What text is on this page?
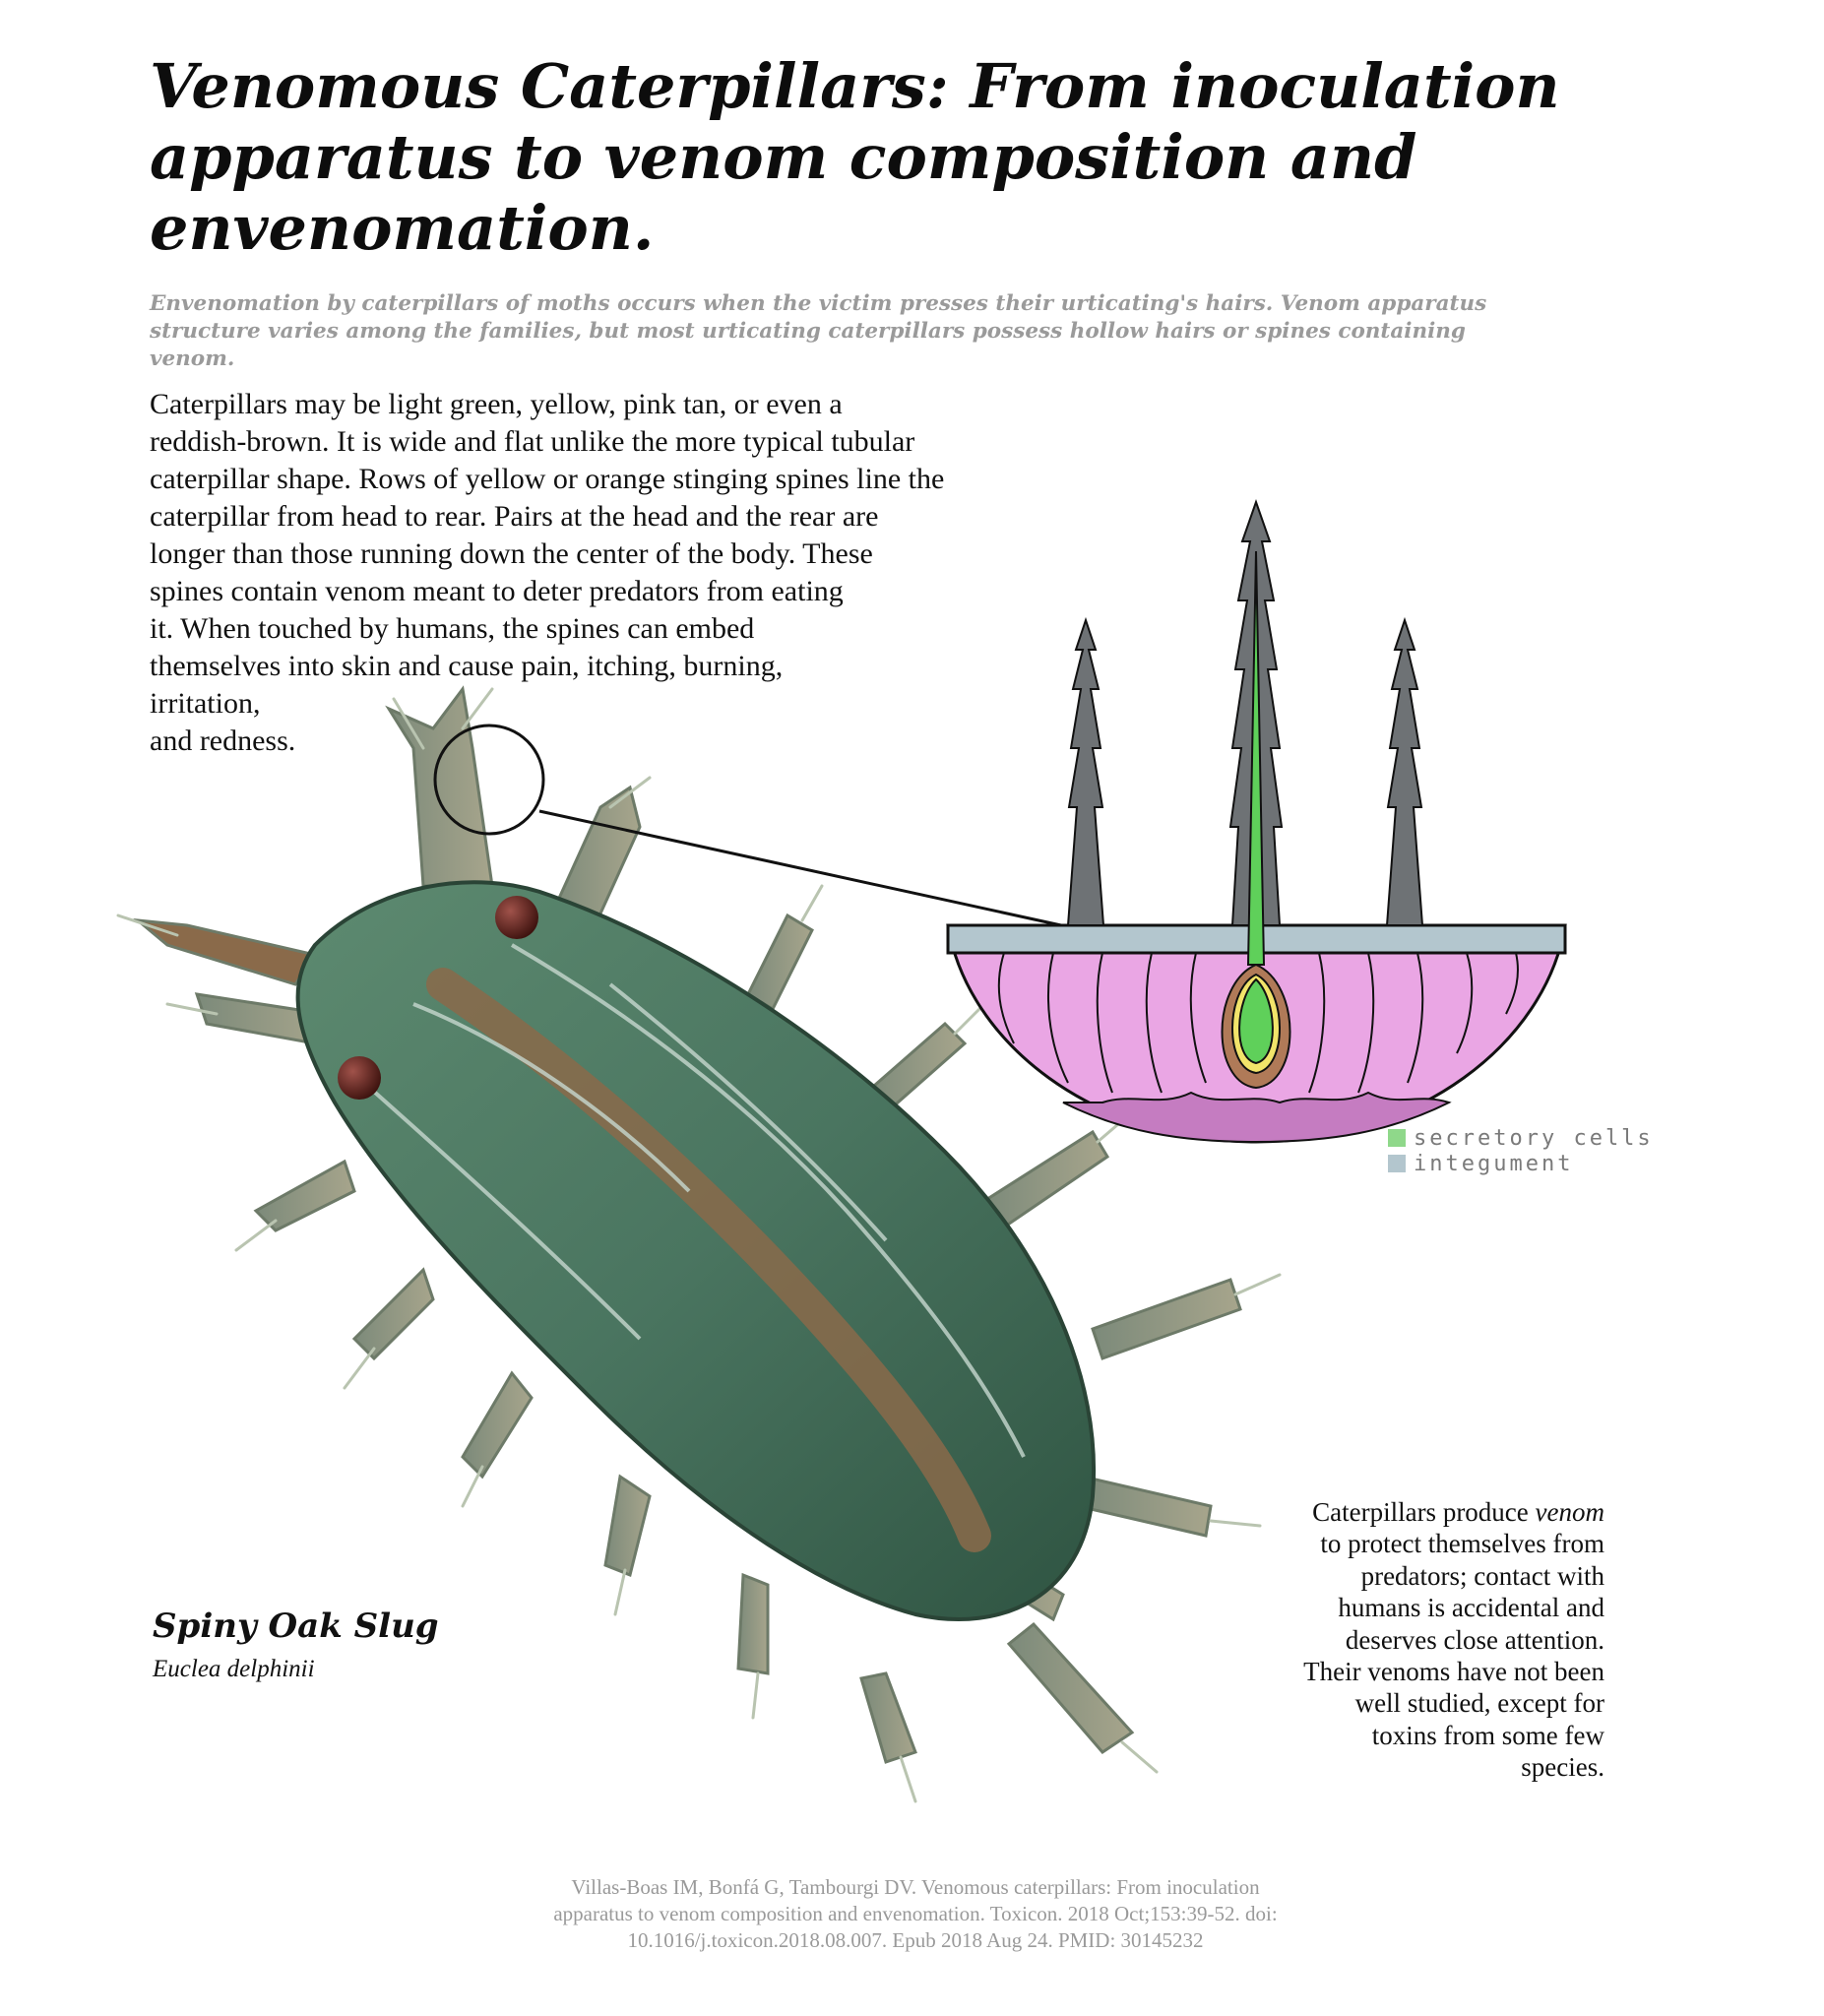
Venomous Caterpillars: From inoculation apparatus to venom composition and envenomation.

Envenomation by caterpillars of moths occurs when the victim presses their urticating's hairs. Venom apparatus structure varies among the families, but most urticating caterpillars possess hollow hairs or spines containing venom.

Caterpillars may be light green, yellow, pink tan, or even a
reddish-brown. It is wide and flat unlike the more typical tubular
caterpillar shape. Rows of yellow or orange stinging spines line the
caterpillar from head to rear. Pairs at the head and the rear are
longer than those running down the center of the body. These
spines contain venom meant to deter predators from eating
it. When touched by humans, the spines can embed
themselves into skin and cause pain, itching, burning,
irritation,
and redness.
secretory cells
integument
Spiny Oak Slug
Euclea delphinii
Caterpillars produce venom
to protect themselves from
predators; contact with
humans is accidental and
deserves close attention.
Their venoms have not been
well studied, except for
toxins from some few
species.
Villas-Boas IM, Bonfá G, Tambourgi DV. Venomous caterpillars: From inoculation
apparatus to venom composition and envenomation. Toxicon. 2018 Oct;153:39-52. doi:
10.1016/j.toxicon.2018.08.007. Epub 2018 Aug 24. PMID: 30145232
